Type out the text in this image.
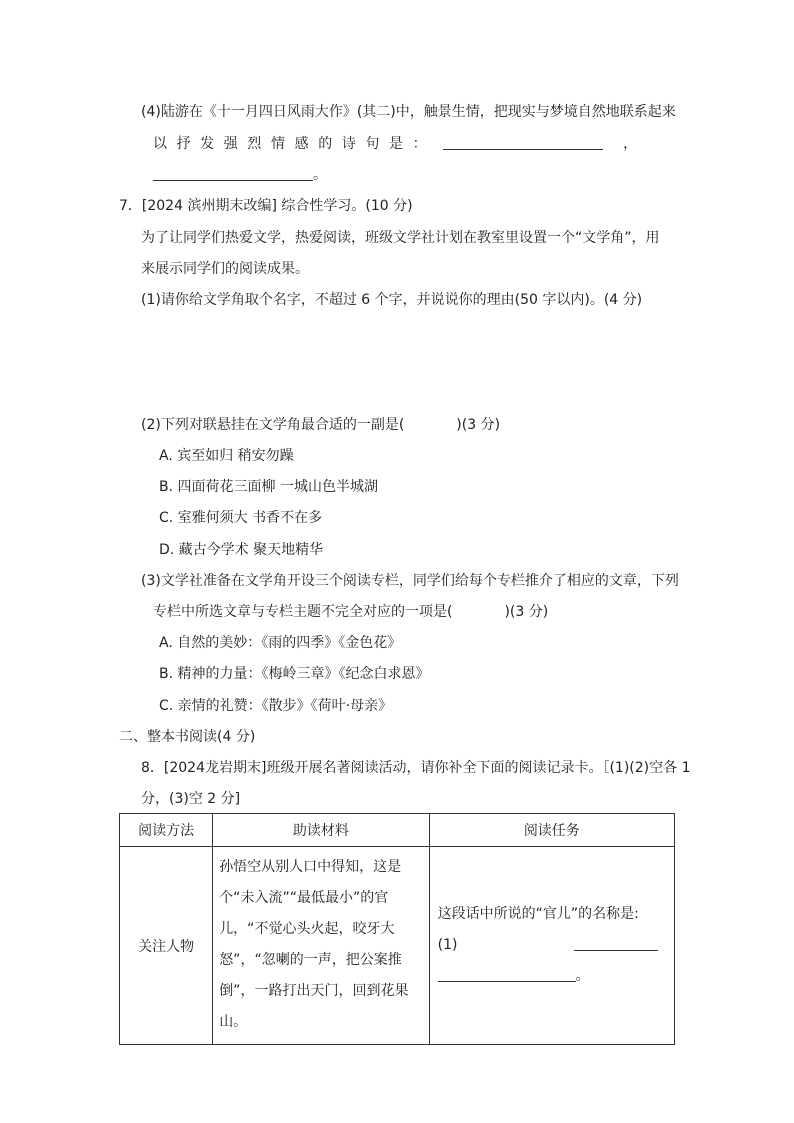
(4)陆游在《十一月四日风雨大作》(其二)中，触景生情，把现实与梦境自然地联系起来
以抒发强烈情感的诗句是：	，
。
7．[2024 滨州期末改编] 综合性学习。(10 分)
为了让同学们热爱文学，热爱阅读，班级文学社计划在教室里设置一个“文学角”，用
来展示同学们的阅读成果。
(1)请你给文学角取个名字，不超过 6 个字，并说说你的理由(50 字以内)。(4 分)
(2)下列对联悬挂在文学角最合适的一副是(	)(3 分)
A. 宾至如归 稍安勿躁
B. 四面荷花三面柳 一城山色半城湖
C. 室雅何须大 书香不在多
D. 藏古今学术 聚天地精华
(3)文学社准备在文学角开设三个阅读专栏，同学们给每个专栏推介了相应的文章，下列
专栏中所选文章与专栏主题不完全对应的一项是(	)(3 分)
A. 自然的美妙：《雨的四季》《金色花》
B. 精神的力量：《梅岭三章》《纪念白求恩》
C. 亲情的礼赞：《散步》《荷叶·母亲》
二、整本书阅读(4 分)
8．[2024龙岩期末]班级开展名著阅读活动，请你补全下面的阅读记录卡。［(1)(2)空各 1
分，(3)空 2 分]
阅读方法	助读材料	阅读任务
关注人物	孙悟空从别人口中得知，这是个“未入流”“最低最小”的官儿，“不觉心头火起，咬牙大怒”，“忽喇的一声，把公案推倒”，一路打出天门，回到花果山。	这段话中所说的“官儿”的名称是:
(1)
。
